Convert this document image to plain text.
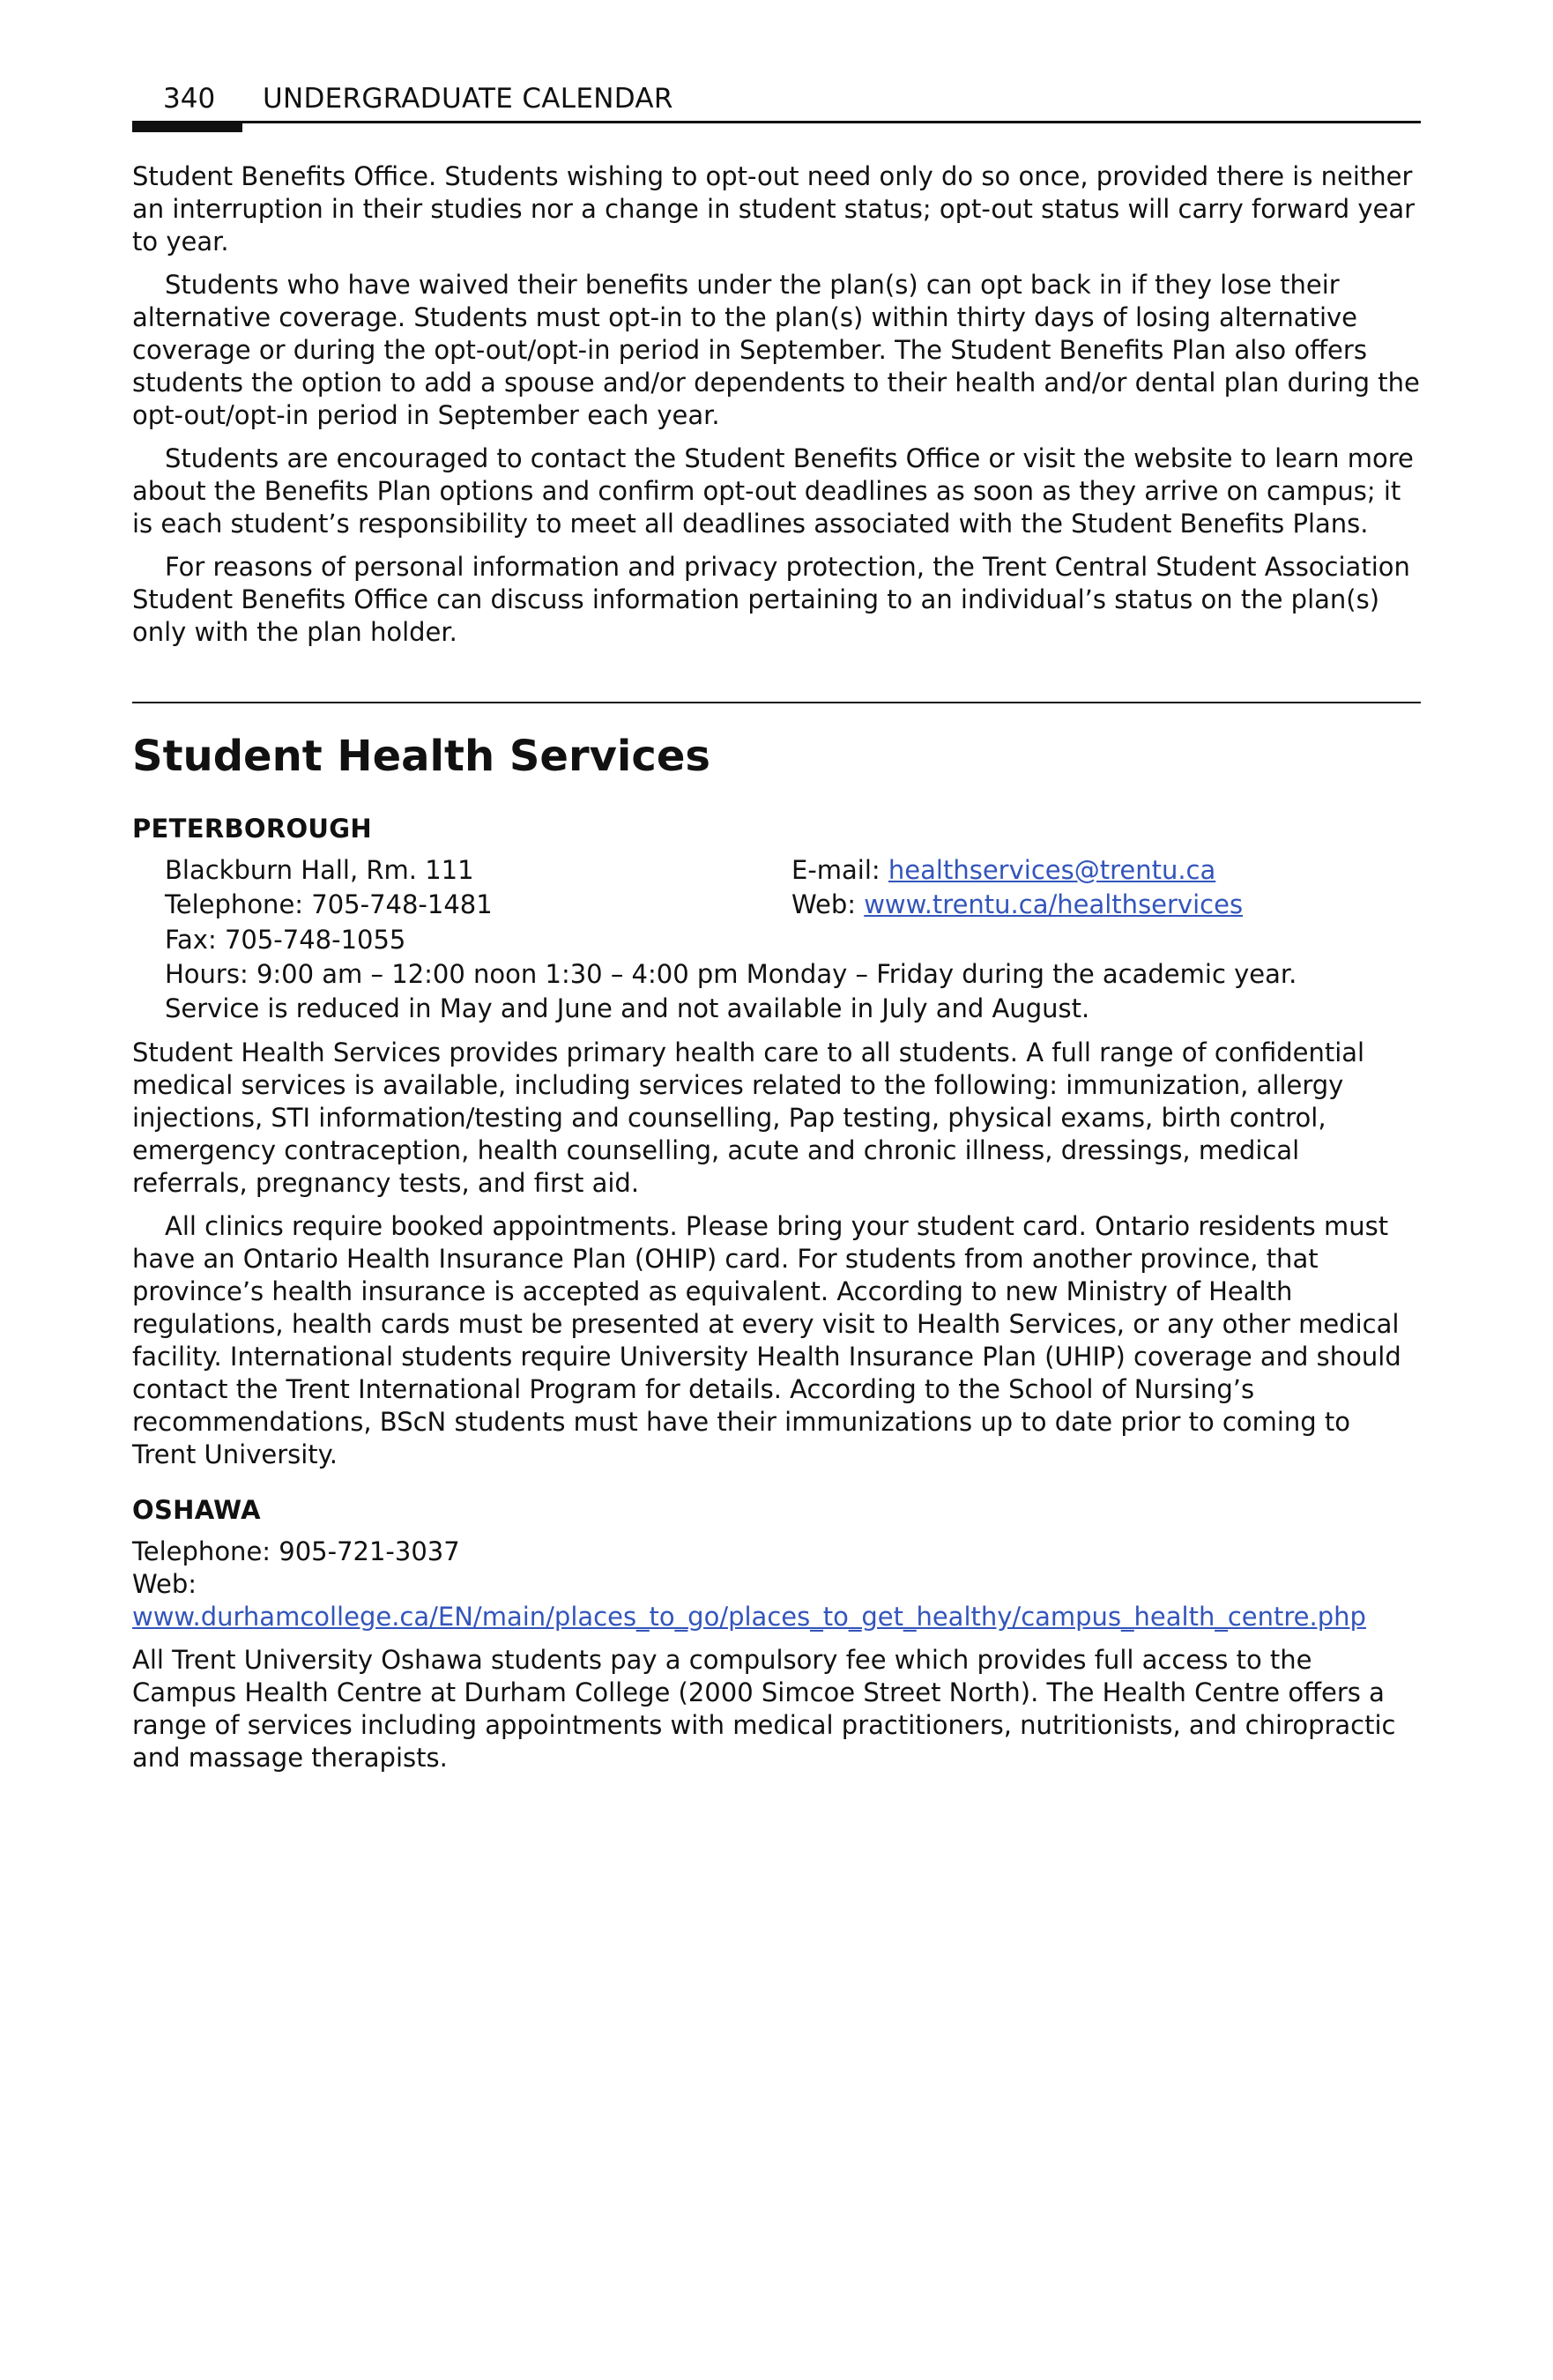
340 UNDERGRADUATE CALENDAR

Student Benefits Office. Students wishing to opt-out need only do so once, provided there is neither an interruption in their studies nor a change in student status; opt-out status will carry forward year to year.

Students who have waived their benefits under the plan(s) can opt back in if they lose their alternative coverage. Students must opt-in to the plan(s) within thirty days of losing alternative coverage or during the opt-out/opt-in period in September. The Student Benefits Plan also offers students the option to add a spouse and/or dependents to their health and/or dental plan during the opt-out/opt-in period in September each year.

Students are encouraged to contact the Student Benefits Office or visit the website to learn more about the Benefits Plan options and confirm opt-out deadlines as soon as they arrive on campus; it is each student’s responsibility to meet all deadlines associated with the Student Benefits Plans.

For reasons of personal information and privacy protection, the Trent Central Student Association Student Benefits Office can discuss information pertaining to an individual’s status on the plan(s) only with the plan holder.

Student Health Services
PETERBOROUGH
Blackburn Hall, Rm. 111	E-mail: healthservices@trentu.ca
Telephone: 705-748-1481	Web: www.trentu.ca/healthservices
Fax: 705-748-1055
Hours: 9:00 am – 12:00 noon 1:30 – 4:00 pm Monday – Friday during the academic year.
Service is reduced in May and June and not available in July and August.

Student Health Services provides primary health care to all students. A full range of confidential medical services is available, including services related to the following: immunization, allergy injections, STI information/testing and counselling, Pap testing, physical exams, birth control, emergency contraception, health counselling, acute and chronic illness, dressings, medical referrals, pregnancy tests, and first aid.

All clinics require booked appointments. Please bring your student card. Ontario residents must have an Ontario Health Insurance Plan (OHIP) card. For students from another province, that province’s health insurance is accepted as equivalent. According to new Ministry of Health regulations, health cards must be presented at every visit to Health Services, or any other medical facility. International students require University Health Insurance Plan (UHIP) coverage and should contact the Trent International Program for details. According to the School of Nursing’s recommendations, BScN students must have their immunizations up to date prior to coming to Trent University.

OSHAWA
Telephone: 905-721-3037
Web: www.durhamcollege.ca/EN/main/places_to_go/places_to_get_healthy/campus_health_centre.php

All Trent University Oshawa students pay a compulsory fee which provides full access to the Campus Health Centre at Durham College (2000 Simcoe Street North). The Health Centre offers a range of services including appointments with medical practitioners, nutritionists, and chiropractic and massage therapists.
